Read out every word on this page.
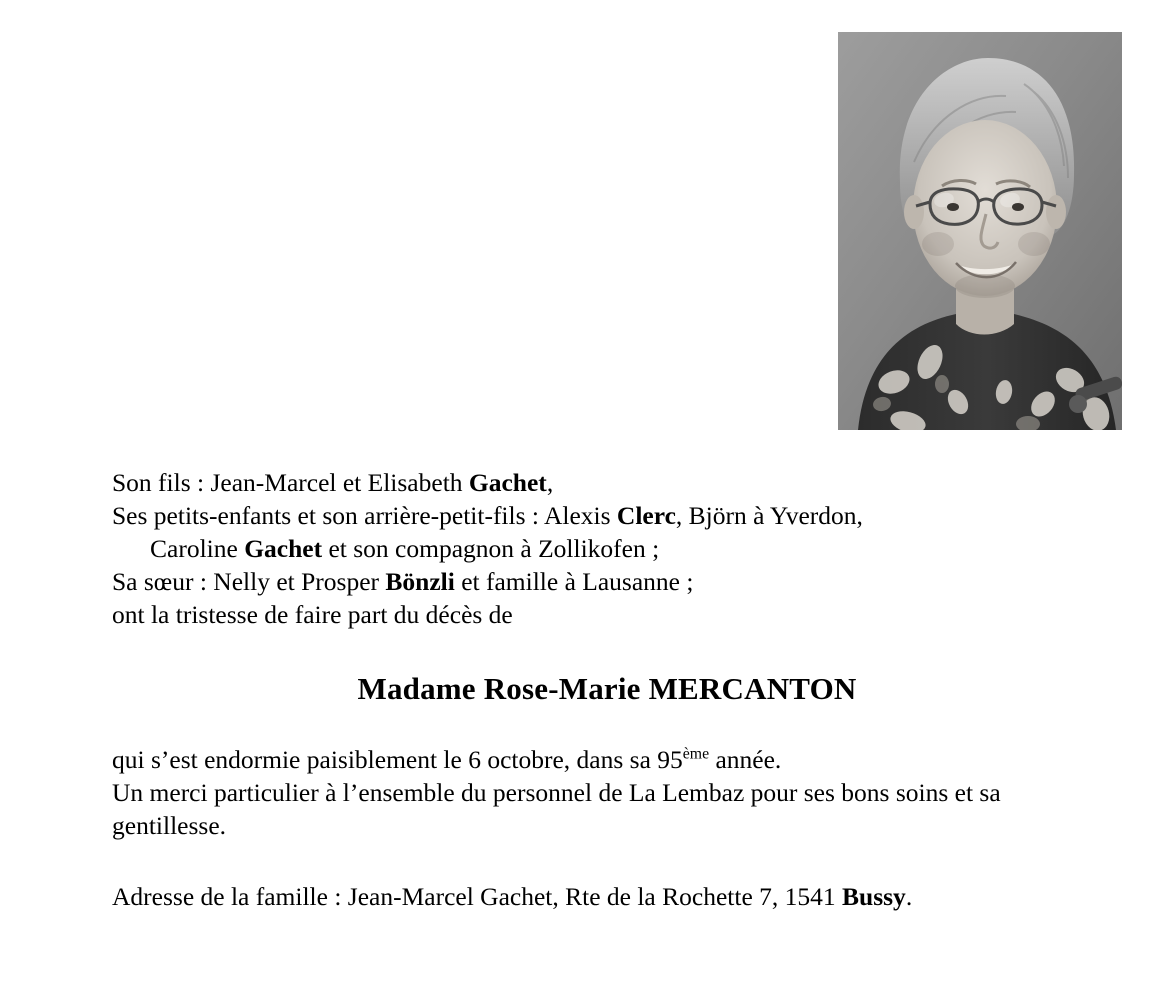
Son fils : Jean-Marcel et Elisabeth Gachet,
Ses petits-enfants et son arrière-petit-fils : Alexis Clerc, Björn à Yverdon,
Caroline Gachet et son compagnon à Zollikofen ;
Sa sœur : Nelly et Prosper Bönzli et famille à Lausanne ;
ont la tristesse de faire part du décès de
Madame Rose-Marie MERCANTON
qui s’est endormie paisiblement le 6 octobre, dans sa 95ème année.
Un merci particulier à l’ensemble du personnel de La Lembaz pour ses bons soins et sa gentillesse.
Adresse de la famille : Jean-Marcel Gachet, Rte de la Rochette 7, 1541 Bussy.
